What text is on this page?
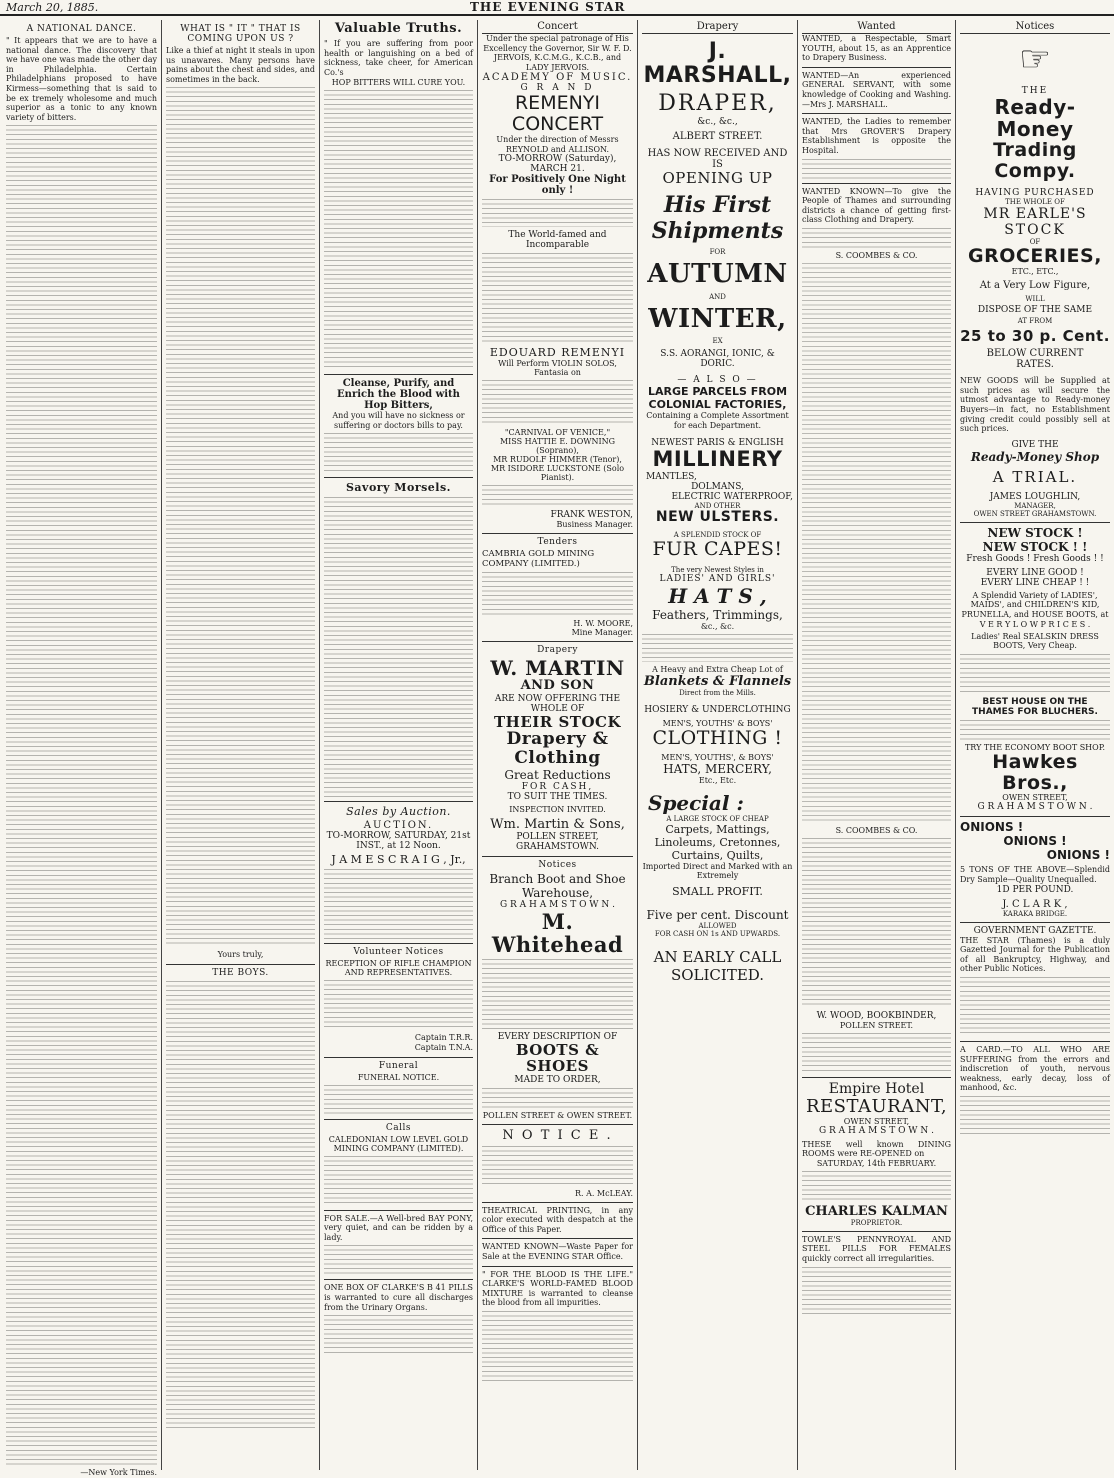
March 20, 1885.	THE EVENING STAR
A NATIONAL DANCE.

" It appears that we are to have a national dance. The discovery that we have one was made the other day in Philadelphia. Certain Philadelphians proposed to have Kirmess—something that is said to be ex tremely wholesome and much superior as a tonic to any known variety of bitters.

—New York Times.

WHAT IS " IT " THAT IS COMING UPON US ?

Like a thief at night it steals in upon us unawares. Many persons have pains about the chest and sides, and sometimes in the back.

Yours truly,

THE BOYS.
Valuable Truths.

" If you are suffering from poor health or languishing on a bed of sickness, take cheer, for American Co.'s

HOP BITTERS WILL CURE YOU.

Cleanse, Purify, and Enrich the Blood with Hop Bitters,

And you will have no sickness or suffering or doctors bills to pay.

Savory Morsels.
Sales by Auction.
AUCTION.
TO-MORROW, SATURDAY, 21st INST., at 12 Noon.
J A M E S C R A I G , Jr.,
Volunteer Notices
RECEPTION OF RIFLE CHAMPION AND REPRESENTATIVES.

Captain T.R.R.

Captain T.N.A.

Funeral
FUNERAL NOTICE.
Calls
CALEDONIAN LOW LEVEL GOLD MINING COMPANY (LIMITED).

FOR SALE.—A Well-bred BAY PONY, very quiet, and can be ridden by a lady.

ONE BOX OF CLARKE'S B 41 PILLS is warranted to cure all discharges from the Urinary Organs.

Concert

Under the special patronage of His Excellency the Governor, Sir W. F. D. JERVOIS, K.C.M.G., K.C.B., and LADY JERVOIS.

ACADEMY OF MUSIC.
G R A N D
REMENYI CONCERT

Under the direction of Messrs REYNOLD and ALLISON.

TO-MORROW (Saturday), MARCH 21.
For Positively One Night only !
The World-famed and Incomparable
EDOUARD REMENYI
Will Perform VIOLIN SOLOS, Fantasia on
"CARNIVAL OF VENICE,"
MISS HATTIE E. DOWNING (Soprano),
MR RUDOLF HIMMER (Tenor),
MR ISIDORE LUCKSTONE (Solo Pianist).
FRANK WESTON,
Business Manager.
Tenders
CAMBRIA GOLD MINING COMPANY (LIMITED.)
H. W. MOORE,
Mine Manager.
Drapery
W. MARTIN
AND SON
ARE NOW OFFERING THE WHOLE OF
THEIR STOCK
Drapery & Clothing
Great Reductions
FOR CASH,
TO SUIT THE TIMES.
INSPECTION INVITED.
Wm. Martin & Sons,
POLLEN STREET,
GRAHAMSTOWN.
Notices
Branch Boot and Shoe Warehouse,
G R A H A M S T O W N .
M. Whitehead
EVERY DESCRIPTION OF
BOOTS & SHOES
MADE TO ORDER,
POLLEN STREET & OWEN STREET.
N O T I C E .
R. A. McLEAY.

THEATRICAL PRINTING, in any color executed with despatch at the Office of this Paper.

WANTED KNOWN—Waste Paper for Sale at the EVENING STAR Office.

" FOR THE BLOOD IS THE LIFE." CLARKE'S WORLD-FAMED BLOOD MIXTURE is warranted to cleanse the blood from all impurities.

Drapery
J. MARSHALL,
DRAPER,
&c., &c.,
ALBERT STREET.
HAS NOW RECEIVED AND IS
OPENING UP
His First
Shipments
FOR
AUTUMN
AND
WINTER,
EX
S.S. AORANGI, IONIC, & DORIC.
— A L S O —
LARGE PARCELS FROM COLONIAL FACTORIES,

Containing a Complete Assortment for each Department.

NEWEST PARIS & ENGLISH
MILLINERY
MANTLES,
DOLMANS,
ELECTRIC WATERPROOF,
AND OTHER
NEW ULSTERS.
A SPLENDID STOCK OF
FUR CAPES!
The very Newest Styles in
LADIES' AND GIRLS'
H A T S ,
Feathers, Trimmings,
&c., &c.
A Heavy and Extra Cheap Lot of
Blankets & Flannels
Direct from the Mills.
HOSIERY & UNDERCLOTHING
MEN'S, YOUTHS' & BOYS'
CLOTHING !
MEN'S, YOUTHS', & BOYS'
HATS, MERCERY,
Etc., Etc.
Special :
A LARGE STOCK OF CHEAP
Carpets, Mattings, Linoleums, Cretonnes, Curtains, Quilts,

Imported Direct and Marked with an Extremely

SMALL PROFIT.
Five per cent. Discount
ALLOWED
FOR CASH ON 1s AND UPWARDS.
AN EARLY CALL
SOLICITED.
Wanted

WANTED, a Respectable, Smart YOUTH, about 15, as an Apprentice to Drapery Business.

WANTED—An experienced GENERAL SERVANT, with some knowledge of Cooking and Washing.—Mrs J. MARSHALL.

WANTED, the Ladies to remember that Mrs GROVER'S Drapery Establishment is opposite the Hospital.

WANTED KNOWN—To give the People of Thames and surrounding districts a chance of getting first-class Clothing and Drapery.

S. COOMBES & CO.
S. COOMBES & CO.
W. WOOD, BOOKBINDER,
POLLEN STREET.
Empire Hotel
RESTAURANT,
OWEN STREET,
G R A H A M S T O W N .

THESE well known DINING ROOMS were RE-OPENED on

SATURDAY, 14th FEBRUARY.
CHARLES KALMAN
PROPRIETOR.

TOWLE'S PENNYROYAL AND STEEL PILLS FOR FEMALES quickly correct all irregularities.

Notices
☞
THE
Ready-Money
Trading Compy.
HAVING PURCHASED
THE WHOLE OF
MR EARLE'S
STOCK
OF
GROCERIES,
ETC., ETC.,
At a Very Low Figure,
WILL
DISPOSE OF THE SAME
AT FROM
25 to 30 p. Cent.
BELOW CURRENT
RATES.

NEW GOODS will be Supplied at such prices as will secure the utmost advantage to Ready-money Buyers—in fact, no Establishment giving credit could possibly sell at such prices.

GIVE THE
Ready-Money Shop
A TRIAL.
JAMES LOUGHLIN,
MANAGER,
OWEN STREET GRAHAMSTOWN.
NEW STOCK !
NEW STOCK ! !
Fresh Goods ! Fresh Goods ! !
EVERY LINE GOOD !
EVERY LINE CHEAP ! !

A Splendid Variety of LADIES', MAIDS', and CHILDREN'S KID, PRUNELLA, and HOUSE BOOTS, at

V E R Y L O W P R I C E S .

Ladies' Real SEALSKIN DRESS BOOTS, Very Cheap.

BEST HOUSE ON THE THAMES FOR BLUCHERS.
TRY THE ECONOMY BOOT SHOP.
Hawkes Bros.,
OWEN STREET,
G R A H A M S T O W N .
ONIONS !
ONIONS !
ONIONS !

5 TONS OF THE ABOVE—Splendid Dry Sample—Quality Unequalled.

1D PER POUND.
J. C L A R K ,
KARAKA BRIDGE.
GOVERNMENT GAZETTE.

THE STAR (Thames) is a duly Gazetted Journal for the Publication of all Bankruptcy, Highway, and other Public Notices.

A CARD.—TO ALL WHO ARE SUFFERING from the errors and indiscretion of youth, nervous weakness, early decay, loss of manhood, &c.
